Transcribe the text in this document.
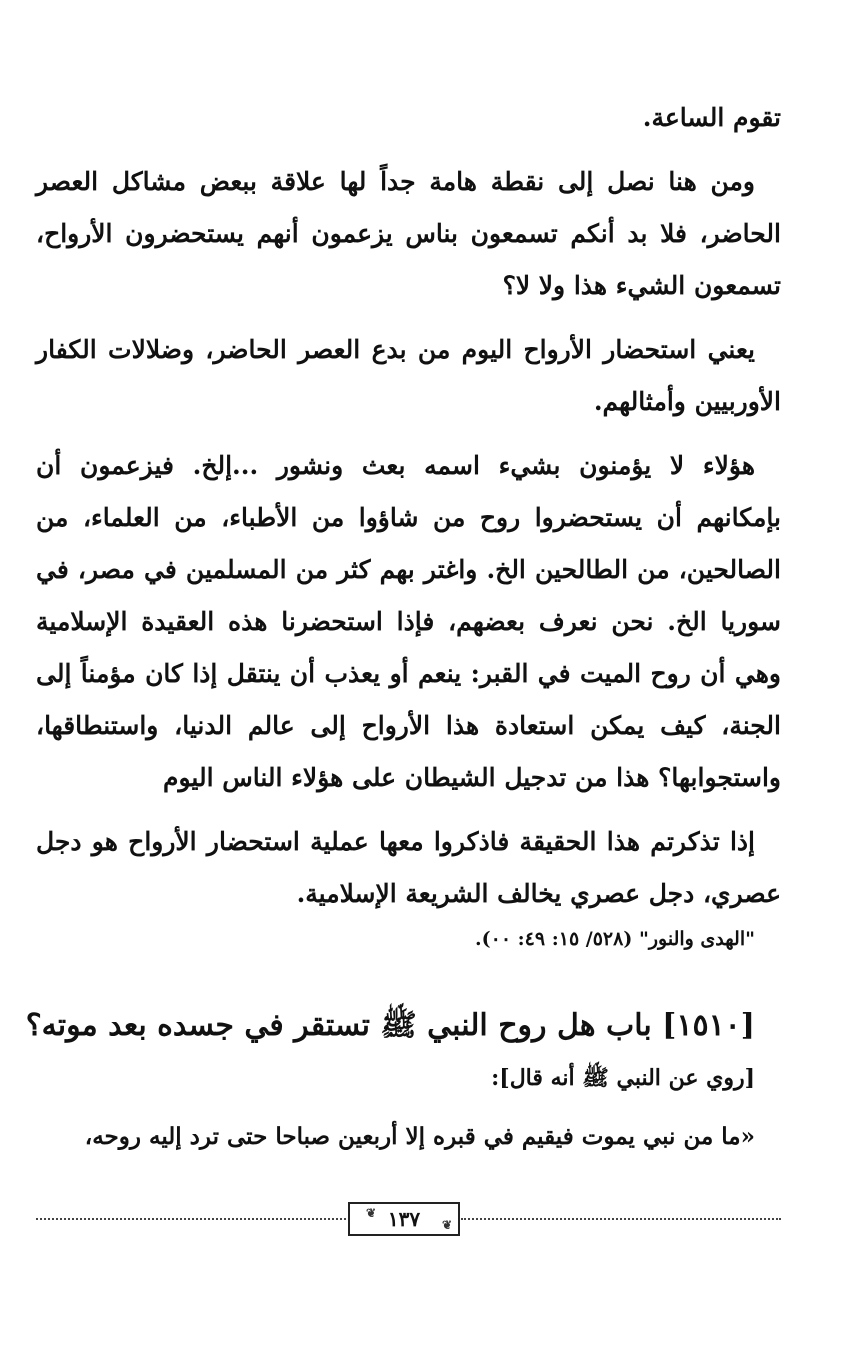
تقوم الساعة.

ومن هنا نصل إلى نقطة هامة جداً لها علاقة ببعض مشاكل العصر الحاضر، فلا بد أنكم تسمعون بناس يزعمون أنهم يستحضرون الأرواح، تسمعون الشيء هذا ولا لا؟

يعني استحضار الأرواح اليوم من بدع العصر الحاضر، وضلالات الكفار الأوربيين وأمثالهم.

هؤلاء لا يؤمنون بشيء اسمه بعث ونشور ...إلخ. فيزعمون أن بإمكانهم أن يستحضروا روح من شاؤوا من الأطباء، من العلماء، من الصالحين، من الطالحين الخ. واغتر بهم كثر من المسلمين في مصر، في سوريا الخ. نحن نعرف بعضهم، فإذا استحضرنا هذه العقيدة الإسلامية وهي أن روح الميت في القبر: ينعم أو يعذب أن ينتقل إذا كان مؤمناً إلى الجنة، كيف يمكن استعادة هذا الأرواح إلى عالم الدنيا، واستنطاقها، واستجوابها؟ هذا من تدجيل الشيطان على هؤلاء الناس اليوم

إذا تذكرتم هذا الحقيقة فاذكروا معها عملية استحضار الأرواح هو دجل عصري، دجل عصري يخالف الشريعة الإسلامية.

"الهدى والنور" (٥٢٨/ ١٥: ٤٩: ٠٠).
[١٥١٠] باب هل روح النبي ﷺ تستقر في جسده بعد موته؟
[روي عن النبي ﷺ أنه قال]:
«ما من نبي يموت فيقيم في قبره إلا أربعين صباحا حتى ترد إليه روحه،
❦ ١٣٧	❦
